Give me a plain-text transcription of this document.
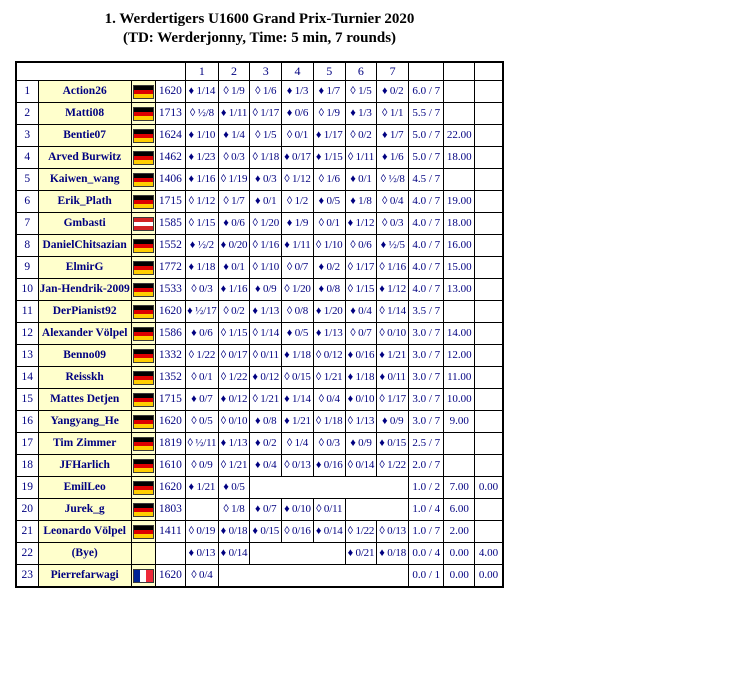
1. Werdertigers U1600 Grand Prix-Turnier 2020
(TD: Werderjonny, Time: 5 min, 7 rounds)
				1	2	3	4	5	6	7			
1	Action26		1620	♦ 1/14	◊ 1/9	◊ 1/6	♦ 1/3	♦ 1/7	◊ 1/5	♦ 0/2	6.0 / 7		
2	Matti08		1713	◊ ½/8	♦ 1/11	◊ 1/17	♦ 0/6	◊ 1/9	♦ 1/3	◊ 1/1	5.5 / 7		
3	Bentie07		1624	♦ 1/10	♦ 1/4	◊ 1/5	◊ 0/1	♦ 1/17	◊ 0/2	♦ 1/7	5.0 / 7	22.00	
4	Arved Burwitz		1462	♦ 1/23	◊ 0/3	◊ 1/18	♦ 0/17	♦ 1/15	◊ 1/11	♦ 1/6	5.0 / 7	18.00	
5	Kaiwen_wang		1406	♦ 1/16	◊ 1/19	♦ 0/3	◊ 1/12	◊ 1/6	♦ 0/1	◊ ½/8	4.5 / 7		
6	Erik_Plath		1715	◊ 1/12	◊ 1/7	♦ 0/1	◊ 1/2	♦ 0/5	♦ 1/8	◊ 0/4	4.0 / 7	19.00	
7	Gmbasti		1585	◊ 1/15	♦ 0/6	◊ 1/20	♦ 1/9	◊ 0/1	♦ 1/12	◊ 0/3	4.0 / 7	18.00	
8	DanielChitsazian		1552	♦ ½/2	♦ 0/20	◊ 1/16	♦ 1/11	◊ 1/10	◊ 0/6	♦ ½/5	4.0 / 7	16.00	
9	ElmirG		1772	♦ 1/18	♦ 0/1	◊ 1/10	◊ 0/7	♦ 0/2	◊ 1/17	◊ 1/16	4.0 / 7	15.00	
10	Jan-Hendrik-2009		1533	◊ 0/3	♦ 1/16	♦ 0/9	◊ 1/20	♦ 0/8	◊ 1/15	♦ 1/12	4.0 / 7	13.00	
11	DerPianist92		1620	♦ ½/17	◊ 0/2	♦ 1/13	◊ 0/8	♦ 1/20	♦ 0/4	◊ 1/14	3.5 / 7		
12	Alexander Völpel		1586	♦ 0/6	◊ 1/15	◊ 1/14	♦ 0/5	♦ 1/13	◊ 0/7	◊ 0/10	3.0 / 7	14.00	
13	Benno09		1332	◊ 1/22	◊ 0/17	◊ 0/11	♦ 1/18	◊ 0/12	♦ 0/16	♦ 1/21	3.0 / 7	12.00	
14	Reisskh		1352	◊ 0/1	◊ 1/22	♦ 0/12	◊ 0/15	◊ 1/21	♦ 1/18	♦ 0/11	3.0 / 7	11.00	
15	Mattes Detjen		1715	♦ 0/7	♦ 0/12	◊ 1/21	♦ 1/14	◊ 0/4	♦ 0/10	◊ 1/17	3.0 / 7	10.00	
16	Yangyang_He		1620	◊ 0/5	◊ 0/10	♦ 0/8	♦ 1/21	◊ 1/18	◊ 1/13	♦ 0/9	3.0 / 7	9.00	
17	Tim Zimmer		1819	◊ ½/11	♦ 1/13	♦ 0/2	◊ 1/4	◊ 0/3	♦ 0/9	♦ 0/15	2.5 / 7		
18	JFHarlich		1610	◊ 0/9	◊ 1/21	♦ 0/4	◊ 0/13	♦ 0/16	◊ 0/14	◊ 1/22	2.0 / 7		
19	EmilLeo		1620	♦ 1/21	♦ 0/5						1.0 / 2	7.00	0.00
20	Jurek_g		1803		◊ 1/8	♦ 0/7	♦ 0/10	◊ 0/11			1.0 / 4	6.00	
21	Leonardo Völpel		1411	◊ 0/19	♦ 0/18	♦ 0/15	◊ 0/16	♦ 0/14	◊ 1/22	◊ 0/13	1.0 / 7	2.00	
22	(Bye)			♦ 0/13	♦ 0/14				♦ 0/21	♦ 0/18	0.0 / 4	0.00	4.00
23	Pierrefarwagi		1620	◊ 0/4							0.0 / 1	0.00	0.00
